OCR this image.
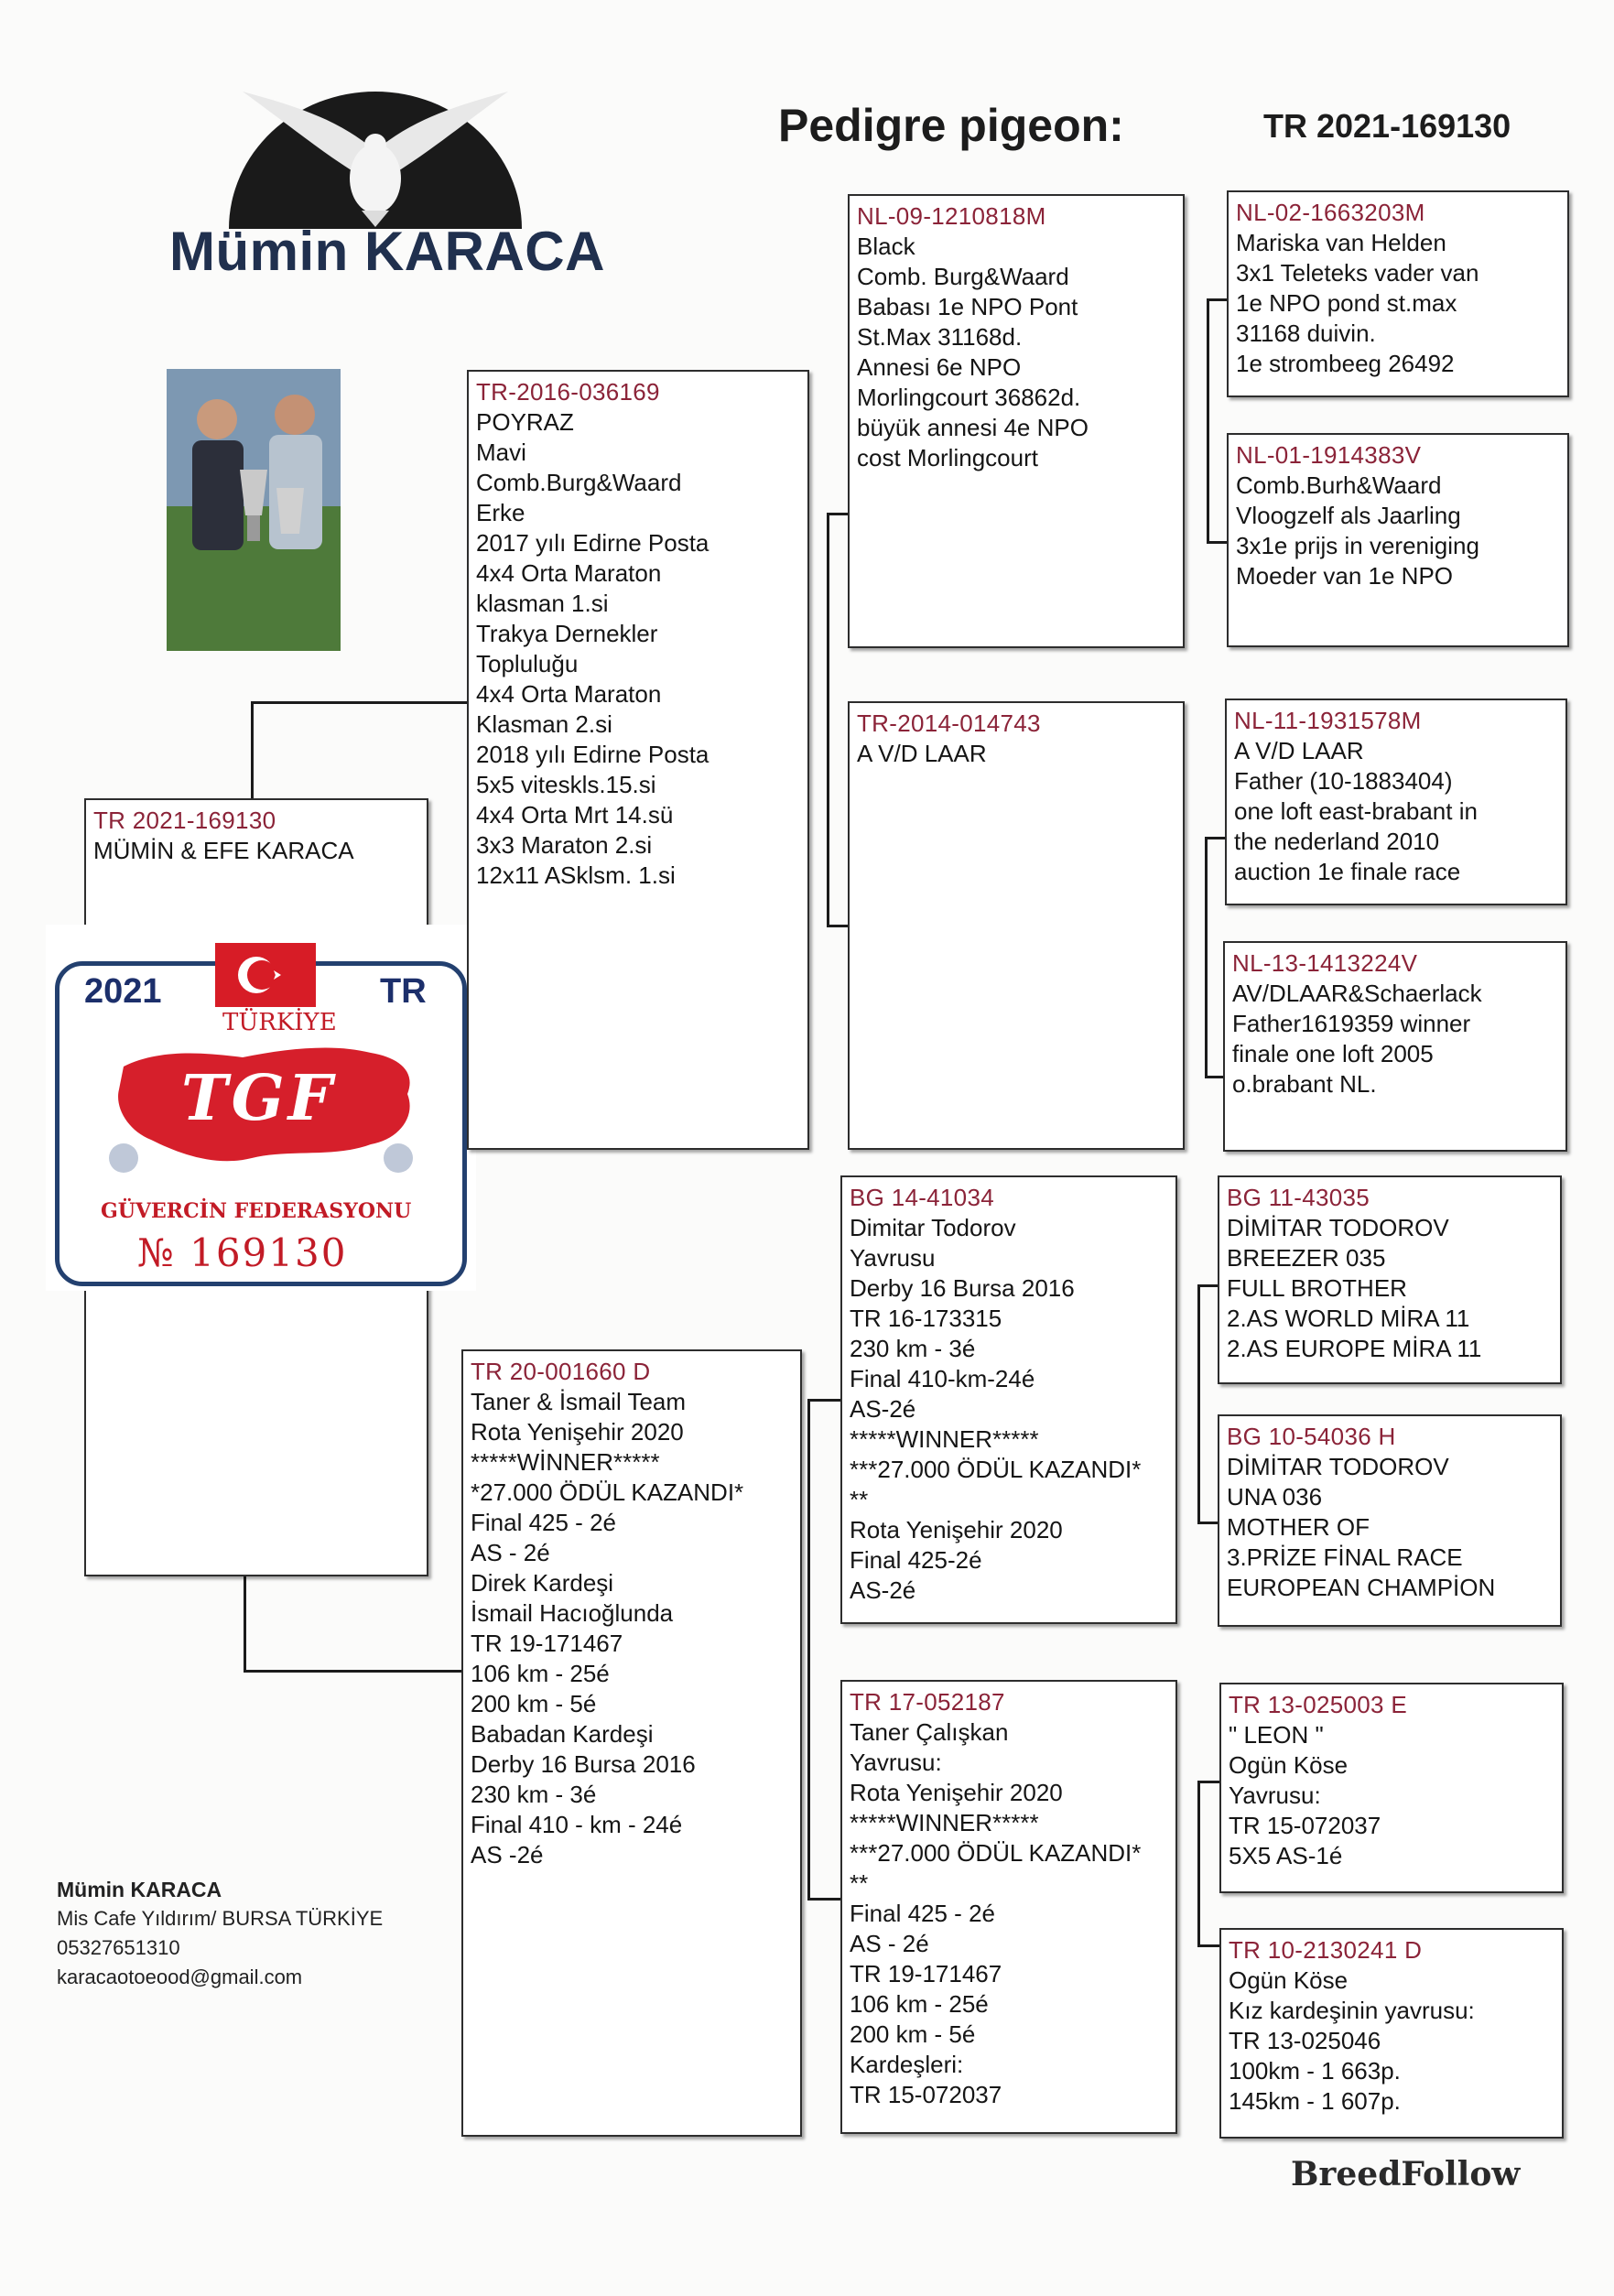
Mümin KARACA
Pedigre pigeon:	TR 2021-169130
TR 2021-169130
MÜMİN & EFE KARACA
2021	TR
TÜRKİYE
TGF
GÜVERCİN FEDERASYONU
№ 169130
TR-2016-036169
POYRAZ
Mavi
Comb.Burg&Waard
Erke
2017 yılı Edirne Posta
4x4 Orta Maraton
klasman 1.si
Trakya Dernekler
Topluluğu
4x4 Orta Maraton
Klasman 2.si
2018 yılı Edirne Posta
5x5 viteskls.15.si
4x4 Orta Mrt 14.sü
3x3 Maraton 2.si
12x11 ASklsm. 1.si
TR 20-001660 D
Taner & İsmail Team
Rota Yenişehir 2020
*****WİNNER*****
*27.000 ÖDÜL KAZANDI*
Final 425 - 2é
AS - 2é
Direk Kardeşi
İsmail Hacıoğlunda
TR 19-171467
106 km - 25é
200 km - 5é
Babadan Kardeşi
Derby 16 Bursa 2016
230 km - 3é
Final 410 - km - 24é
AS -2é
NL-09-1210818M
Black
Comb. Burg&Waard
Babası 1e NPO Pont
St.Max 31168d.
Annesi 6e NPO
Morlingcourt 36862d.
büyük annesi 4e NPO
cost Morlingcourt
TR-2014-014743
A V/D LAAR
BG 14-41034
Dimitar Todorov
Yavrusu
Derby 16 Bursa 2016
TR 16-173315
230 km - 3é
Final 410-km-24é
AS-2é
*****WINNER*****
***27.000 ÖDÜL KAZANDI*
**
Rota Yenişehir 2020
Final 425-2é
AS-2é
TR 17-052187
Taner Çalışkan
Yavrusu:
Rota Yenişehir 2020
*****WINNER*****
***27.000 ÖDÜL KAZANDI*
**
Final 425 - 2é
AS - 2é
TR 19-171467
106 km - 25é
200 km - 5é
Kardeşleri:
TR 15-072037
NL-02-1663203M
Mariska van Helden
3x1 Teleteks vader van
1e NPO pond st.max
31168 duivin.
1e strombeeg 26492
NL-01-1914383V
Comb.Burh&Waard
Vloogzelf als Jaarling
3x1e prijs in vereniging
Moeder van 1e NPO
NL-11-1931578M
A V/D LAAR
Father (10-1883404)
one loft east-brabant in
the nederland 2010
auction 1e finale race
NL-13-1413224V
AV/DLAAR&Schaerlack
Father1619359 winner
finale one loft 2005
o.brabant NL.
BG 11-43035
DİMİTAR TODOROV
BREEZER 035
FULL BROTHER
2.AS WORLD MİRA 11
2.AS EUROPE MİRA 11
BG 10-54036 H
DİMİTAR TODOROV
UNA 036
MOTHER OF
3.PRİZE FİNAL RACE
EUROPEAN CHAMPİON
TR 13-025003 E
" LEON "
Ogün Köse
Yavrusu:
TR 15-072037
5X5 AS-1é
TR 10-2130241 D
Ogün Köse
Kız kardeşinin yavrusu:
TR 13-025046
100km - 1 663p.
145km - 1 607p.
Mümin KARACA
Mis Cafe Yıldırım/ BURSA TÜRKİYE
05327651310
karacaotoeood@gmail.com
BreedFollow
